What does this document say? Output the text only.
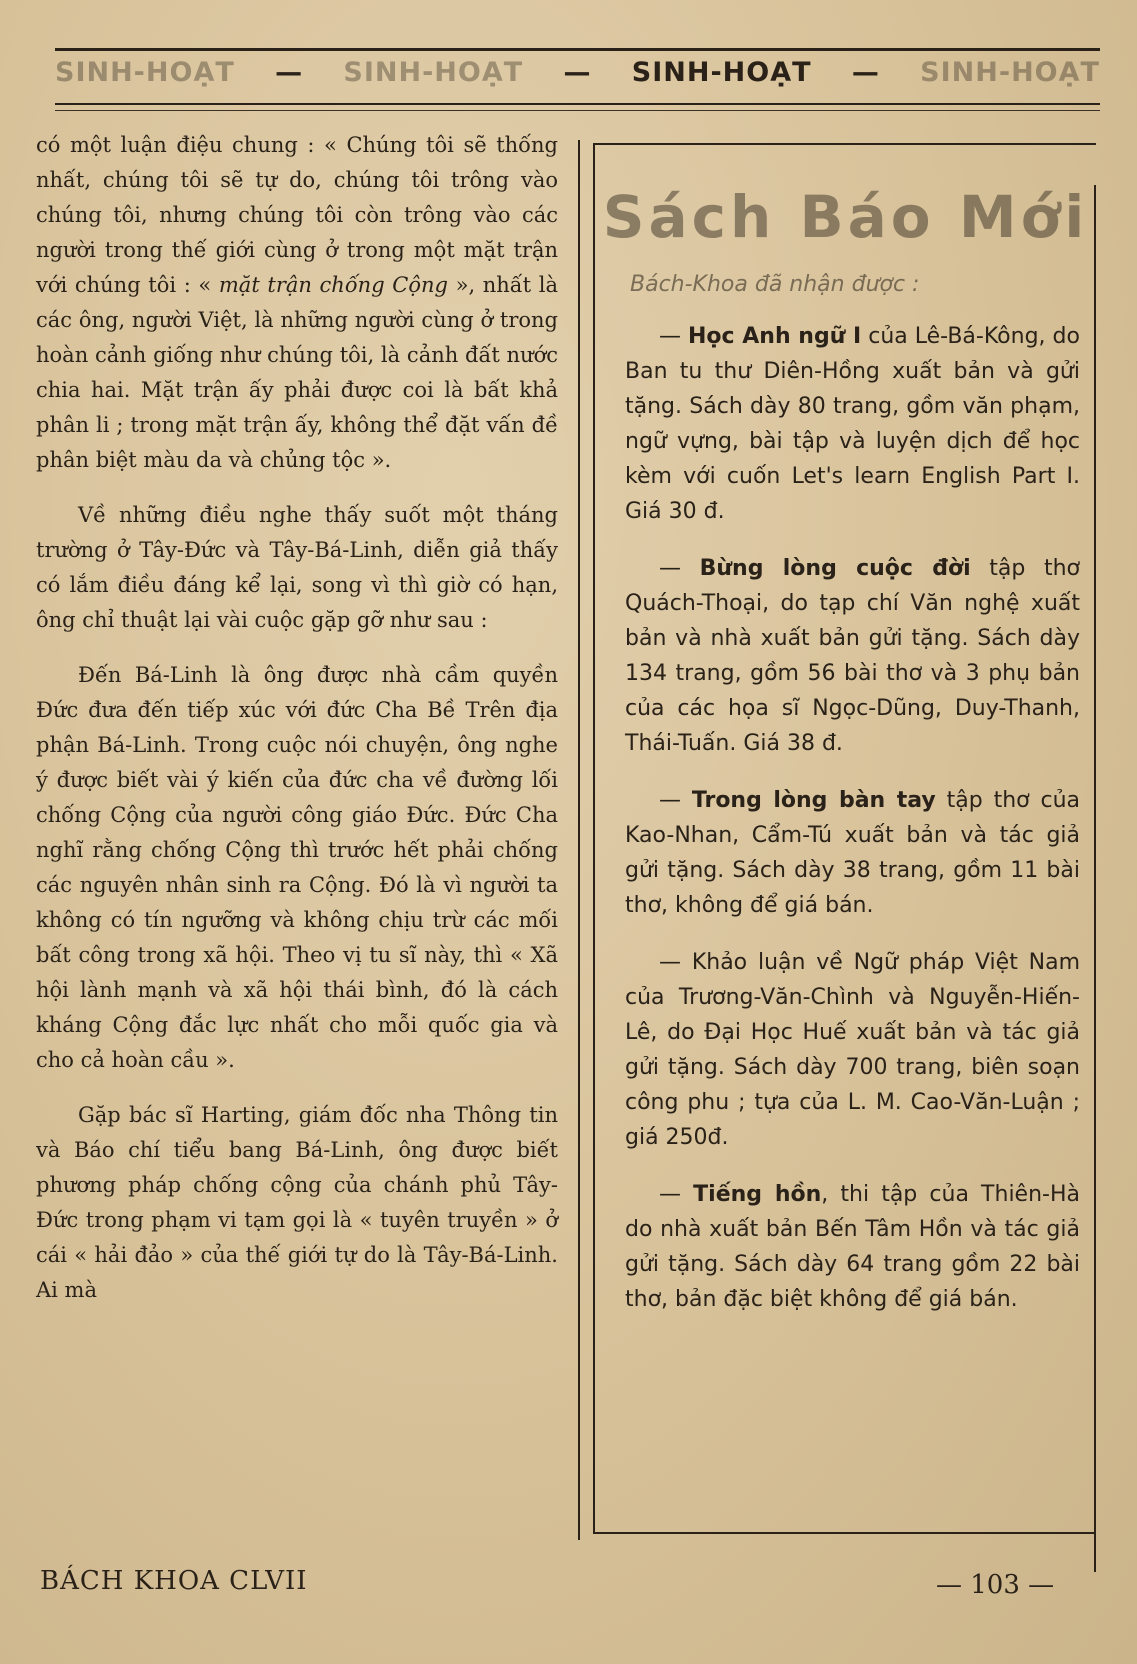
SINH-HOẠT — SINH-HOẠT — SINH-HOẠT — SINH-HOẠT

có một luận điệu chung : « Chúng tôi sẽ thống nhất, chúng tôi sẽ tự do, chúng tôi trông vào chúng tôi, nhưng chúng tôi còn trông vào các người trong thế giới cùng ở trong một mặt trận với chúng tôi : « mặt trận chống Cộng », nhất là các ông, người Việt, là những người cùng ở trong hoàn cảnh giống như chúng tôi, là cảnh đất nước chia hai. Mặt trận ấy phải được coi là bất khả phân li ; trong mặt trận ấy, không thể đặt vấn đề phân biệt màu da và chủng tộc ».

Về những điều nghe thấy suốt một tháng trường ở Tây-Đức và Tây-Bá-Linh, diễn giả thấy có lắm điều đáng kể lại, song vì thì giờ có hạn, ông chỉ thuật lại vài cuộc gặp gỡ như sau :

Đến Bá-Linh là ông được nhà cầm quyền Đức đưa đến tiếp xúc với đức Cha Bề Trên địa phận Bá-Linh. Trong cuộc nói chuyện, ông nghe ý được biết vài ý kiến của đức cha về đường lối chống Cộng của người công giáo Đức. Đức Cha nghĩ rằng chống Cộng thì trước hết phải chống các nguyên nhân sinh ra Cộng. Đó là vì người ta không có tín ngưỡng và không chịu trừ các mối bất công trong xã hội. Theo vị tu sĩ này, thì « Xã hội lành mạnh và xã hội thái bình, đó là cách kháng Cộng đắc lực nhất cho mỗi quốc gia và cho cả hoàn cầu ».

Gặp bác sĩ Harting, giám đốc nha Thông tin và Báo chí tiểu bang Bá-Linh, ông được biết phương pháp chống cộng của chánh phủ Tây-Đức trong phạm vi tạm gọi là « tuyên truyền » ở cái « hải đảo » của thế giới tự do là Tây-Bá-Linh. Ai mà

Sách Báo Mới
Bách-Khoa đã nhận được :

— Học Anh ngữ I của Lê-Bá-Kông, do Ban tu thư Diên-Hồng xuất bản và gửi tặng. Sách dày 80 trang, gồm văn phạm, ngữ vựng, bài tập và luyện dịch để học kèm với cuốn Let's learn English Part I. Giá 30 đ.

— Bừng lòng cuộc đời tập thơ Quách-Thoại, do tạp chí Văn nghệ xuất bản và nhà xuất bản gửi tặng. Sách dày 134 trang, gồm 56 bài thơ và 3 phụ bản của các họa sĩ Ngọc-Dũng, Duy-Thanh, Thái-Tuấn. Giá 38 đ.

— Trong lòng bàn tay tập thơ của Kao-Nhan, Cẩm-Tú xuất bản và tác giả gửi tặng. Sách dày 38 trang, gồm 11 bài thơ, không để giá bán.

— Khảo luận về Ngữ pháp Việt Nam của Trương-Văn-Chình và Nguyễn-Hiến-Lê, do Đại Học Huế xuất bản và tác giả gửi tặng. Sách dày 700 trang, biên soạn công phu ; tựa của L. M. Cao-Văn-Luận ; giá 250đ.

— Tiếng hồn, thi tập của Thiên-Hà do nhà xuất bản Bến Tâm Hồn và tác giả gửi tặng. Sách dày 64 trang gồm 22 bài thơ, bản đặc biệt không để giá bán.

BÁCH KHOA CLVII	— 103 —
